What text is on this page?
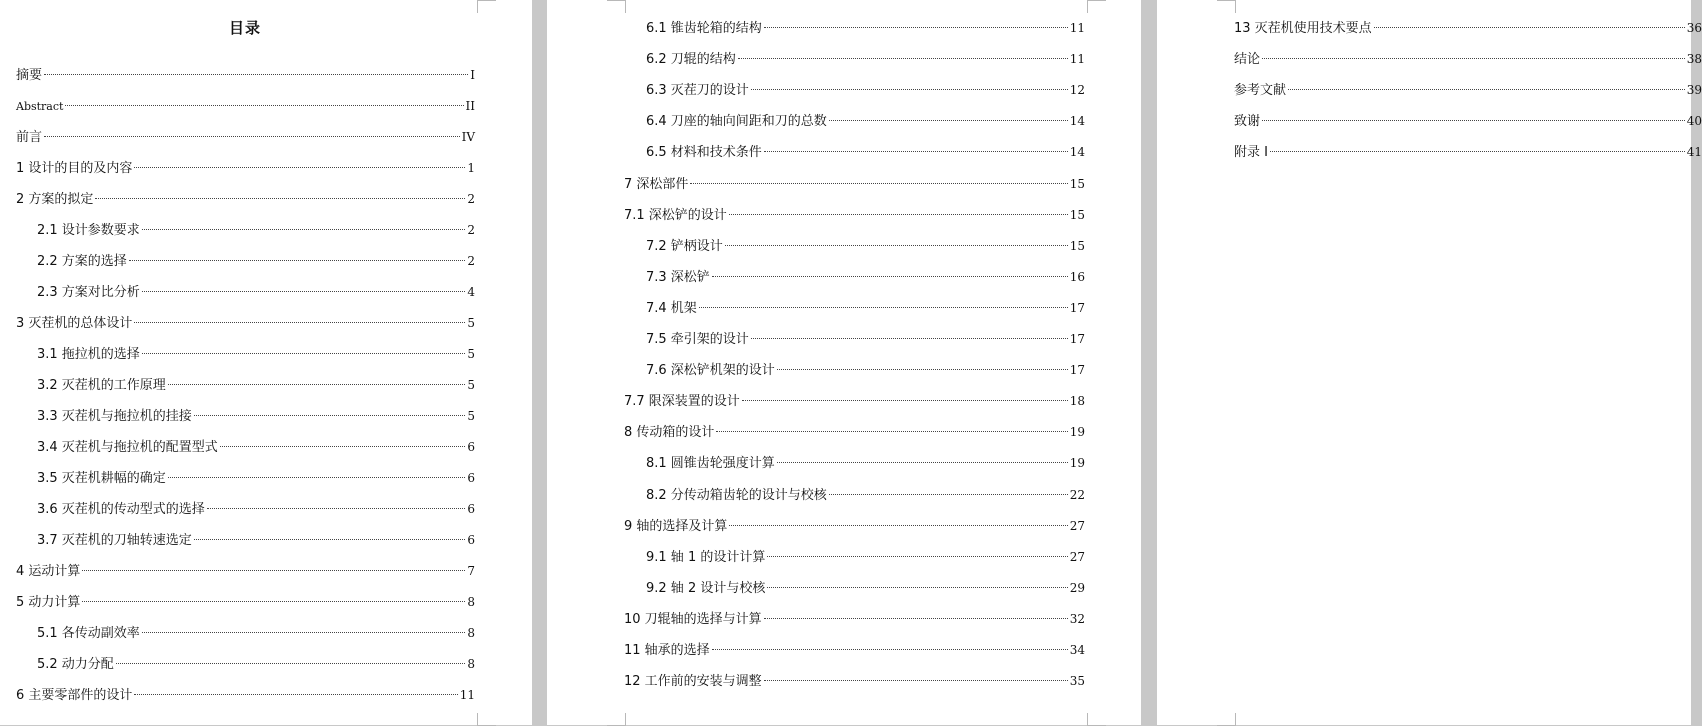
目录
摘要	I
Abstract	II
前言	IV
1 设计的目的及内容	1
2 方案的拟定	2
2.1 设计参数要求	2
2.2 方案的选择	2
2.3 方案对比分析	4
3 灭茬机的总体设计	5
3.1 拖拉机的选择	5
3.2 灭茬机的工作原理	5
3.3 灭茬机与拖拉机的挂接	5
3.4 灭茬机与拖拉机的配置型式	6
3.5 灭茬机耕幅的确定	6
3.6 灭茬机的传动型式的选择	6
3.7 灭茬机的刀轴转速选定	6
4 运动计算	7
5 动力计算	8
5.1 各传动副效率	8
5.2 动力分配	8
6 主要零部件的设计	11
6.1 锥齿轮箱的结构	11
6.2 刀辊的结构	11
6.3 灭茬刀的设计	12
6.4 刀座的轴向间距和刀的总数	14
6.5 材料和技术条件	14
7 深松部件	15
7.1 深松铲的设计	15
7.2 铲柄设计	15
7.3 深松铲	16
7.4 机架	17
7.5 牵引架的设计	17
7.6 深松铲机架的设计	17
7.7 限深装置的设计	18
8 传动箱的设计	19
8.1 圆锥齿轮强度计算	19
8.2 分传动箱齿轮的设计与校核	22
9 轴的选择及计算	27
9.1 轴 1 的设计计算	27
9.2 轴 2 设计与校核	29
10 刀辊轴的选择与计算	32
11 轴承的选择	34
12 工作前的安装与调整	35
13 灭茬机使用技术要点	36
结论	38
参考文献	39
致谢	40
附录 I	41
